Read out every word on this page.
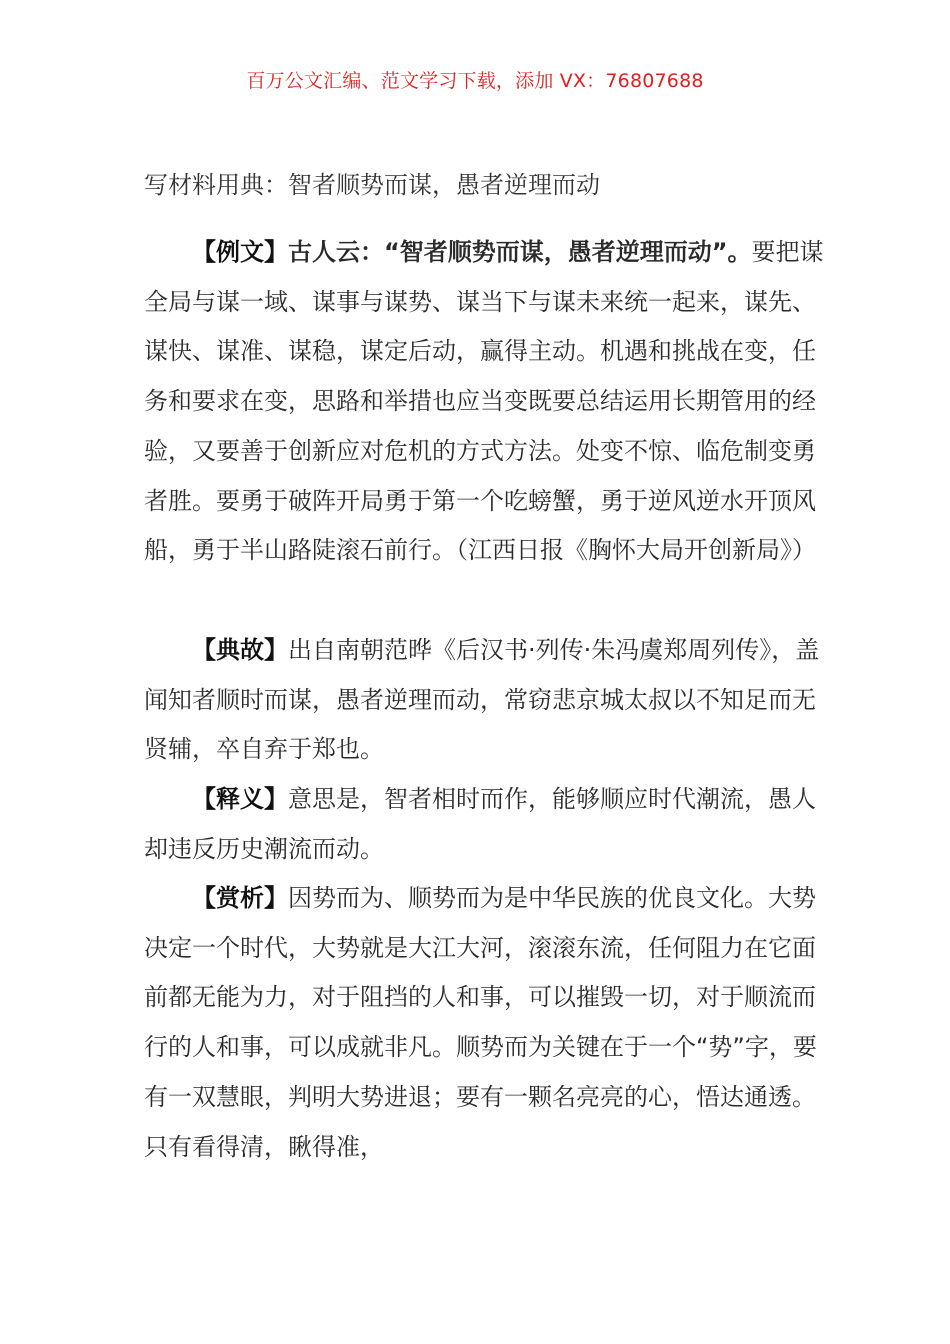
百万公文汇编、范文学习下载，添加 VX：76807688
写材料用典：智者顺势而谋，愚者逆理而动

【例文】古人云：“智者顺势而谋，愚者逆理而动”。要把谋全局与谋一域、谋事与谋势、谋当下与谋未来统一起来，谋先、谋快、谋准、谋稳，谋定后动，赢得主动。机遇和挑战在变，任务和要求在变，思路和举措也应当变既要总结运用长期管用的经验，又要善于创新应对危机的方式方法。处变不惊、临危制变勇者胜。要勇于破阵开局勇于第一个吃螃蟹，勇于逆风逆水开顶风船，勇于半山路陡滚石前行。（江西日报《胸怀大局开创新局》）

【典故】出自南朝范晔《后汉书·列传·朱冯虞郑周列传》，盖闻知者顺时而谋，愚者逆理而动，常窃悲京城太叔以不知足而无贤辅，卒自弃于郑也。

【释义】意思是，智者相时而作，能够顺应时代潮流，愚人却违反历史潮流而动。

【赏析】因势而为、顺势而为是中华民族的优良文化。大势决定一个时代，大势就是大江大河，滚滚东流，任何阻力在它面前都无能为力，对于阻挡的人和事，可以摧毁一切，对于顺流而行的人和事，可以成就非凡。顺势而为关键在于一个“势”字，要有一双慧眼，判明大势进退；要有一颗名亮亮的心，悟达通透。只有看得清，瞅得准，
